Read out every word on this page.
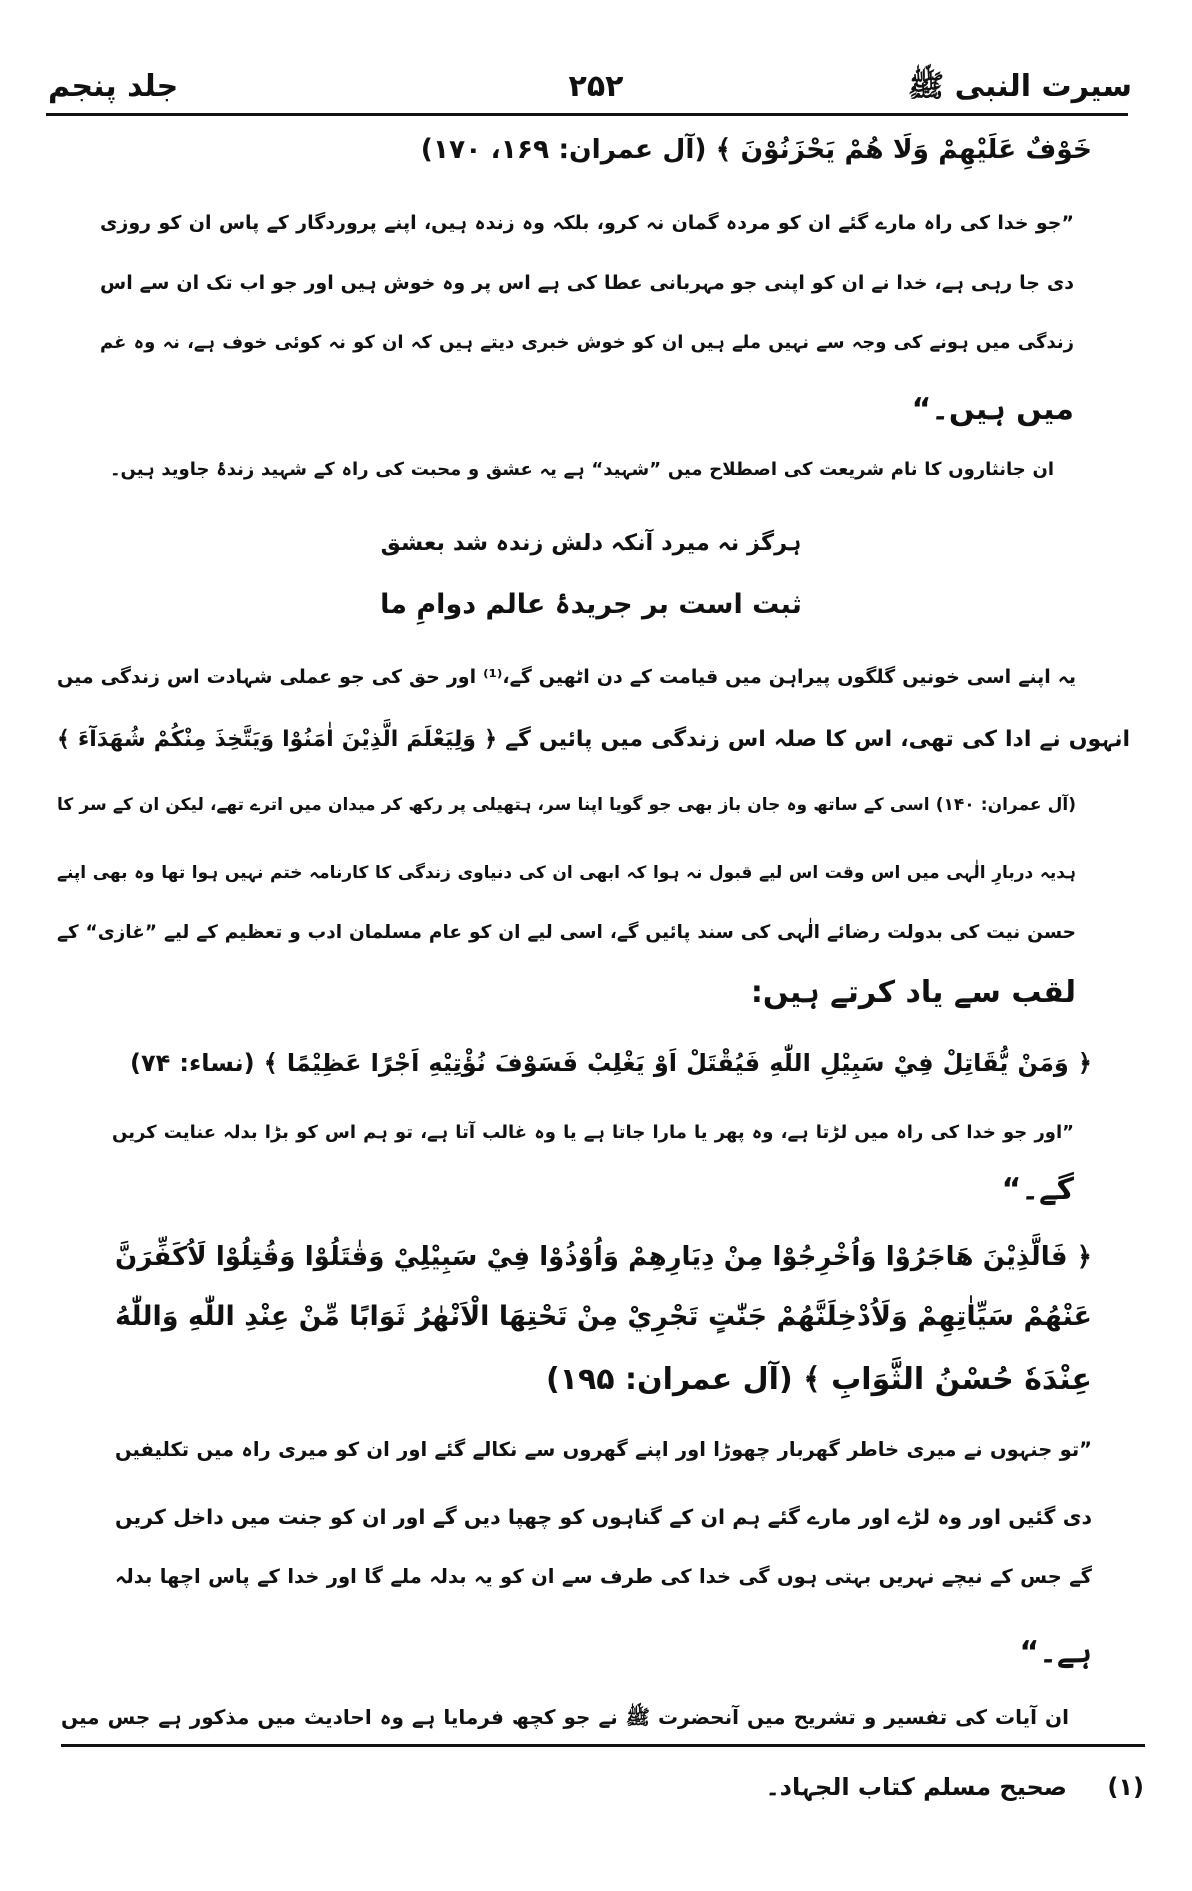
سیرت النبی ﷺ
۲۵۲
جلد پنجم
خَوْفٌ عَلَيْهِمْ وَلَا هُمْ يَحْزَنُوْنَ ﴾ (آل عمران: ۱۶۹، ۱۷۰)
”جو خدا کی راہ مارے گئے ان کو مردہ گمان نہ کرو، بلکہ وہ زندہ ہیں، اپنے پروردگار کے پاس ان کو روزی
دی جا رہی ہے، خدا نے ان کو اپنی جو مہربانی عطا کی ہے اس پر وہ خوش ہیں اور جو اب تک ان سے اس
زندگی میں ہونے کی وجہ سے نہیں ملے ہیں ان کو خوش خبری دیتے ہیں کہ ان کو نہ کوئی خوف ہے، نہ وہ غم
میں ہیں۔“
ان جانثاروں کا نام شریعت کی اصطلاح میں ”شہید“ ہے یہ عشق و محبت کی راہ کے شہید زندۂ جاوید ہیں۔
ہرگز نہ میرد آنکہ دلش زندہ شد بعشق
ثبت است بر جریدۂ عالم دوامِ ما
یہ اپنے اسی خونیں گلگوں پیراہن میں قیامت کے دن اٹھیں گے،⁽¹⁾ اور حق کی جو عملی شہادت اس زندگی میں
انہوں نے ادا کی تھی، اس کا صلہ اس زندگی میں پائیں گے ﴿ وَلِيَعْلَمَ الَّذِيْنَ اٰمَنُوْا وَيَتَّخِذَ مِنْكُمْ شُهَدَآءَ ﴾
(آل عمران: ۱۴۰) اسی کے ساتھ وہ جان باز بھی جو گویا اپنا سر، ہتھیلی پر رکھ کر میدان میں اترے تھے، لیکن ان کے سر کا
ہدیہ دربارِ الٰہی میں اس وقت اس لیے قبول نہ ہوا کہ ابھی ان کی دنیاوی زندگی کا کارنامہ ختم نہیں ہوا تھا وہ بھی اپنے
حسن نیت کی بدولت رضائے الٰہی کی سند پائیں گے، اسی لیے ان کو عام مسلمان ادب و تعظیم کے لیے ”غازی“ کے
لقب سے یاد کرتے ہیں:
﴿ وَمَنْ يُّقَاتِلْ فِيْ سَبِيْلِ اللّٰهِ فَيُقْتَلْ اَوْ يَغْلِبْ فَسَوْفَ نُؤْتِيْهِ اَجْرًا عَظِيْمًا ﴾ (نساء: ۷۴)
”اور جو خدا کی راہ میں لڑتا ہے، وہ پھر یا مارا جاتا ہے یا وہ غالب آتا ہے، تو ہم اس کو بڑا بدلہ عنایت کریں
گے۔“
﴿ فَالَّذِيْنَ هَاجَرُوْا وَاُخْرِجُوْا مِنْ دِيَارِهِمْ وَاُوْذُوْا فِيْ سَبِيْلِيْ وَقٰتَلُوْا وَقُتِلُوْا لَاُكَفِّرَنَّ
عَنْهُمْ سَيِّاٰتِهِمْ وَلَاُدْخِلَنَّهُمْ جَنّٰتٍ تَجْرِيْ مِنْ تَحْتِهَا الْاَنْهٰرُ ثَوَابًا مِّنْ عِنْدِ اللّٰهِ وَاللّٰهُ
عِنْدَهٗ حُسْنُ الثَّوَابِ ﴾ (آل عمران: ۱۹۵)
”تو جنہوں نے میری خاطر گھربار چھوڑا اور اپنے گھروں سے نکالے گئے اور ان کو میری راہ میں تکلیفیں
دی گئیں اور وہ لڑے اور مارے گئے ہم ان کے گناہوں کو چھپا دیں گے اور ان کو جنت میں داخل کریں
گے جس کے نیچے نہریں بہتی ہوں گی خدا کی طرف سے ان کو یہ بدلہ ملے گا اور خدا کے پاس اچھا بدلہ
ہے۔“
ان آیات کی تفسیر و تشریح میں آنحضرت ﷺ نے جو کچھ فرمایا ہے وہ احادیث میں مذکور ہے جس میں
(۱)
صحیح مسلم کتاب الجہاد۔
